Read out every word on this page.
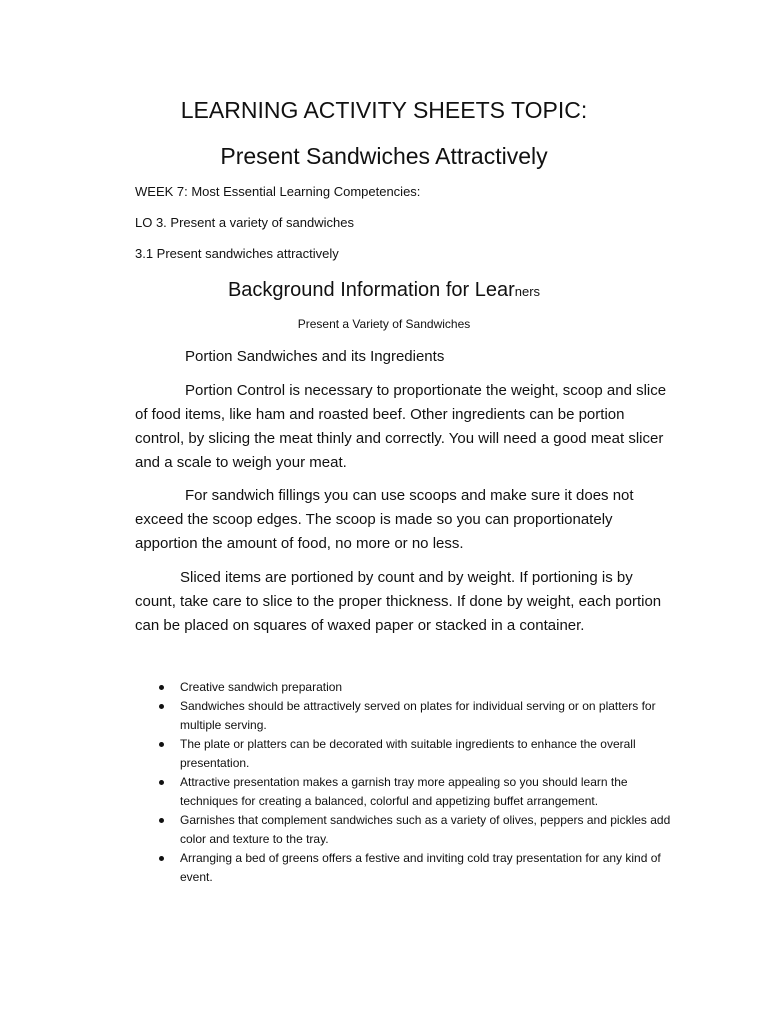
LEARNING ACTIVITY SHEETS TOPIC:
Present Sandwiches Attractively
WEEK 7: Most Essential Learning Competencies:
LO 3. Present a variety of sandwiches
3.1 Present sandwiches attractively
Background Information for Learners
Present a Variety of Sandwiches
Portion Sandwiches and its Ingredients

Portion Control is necessary to proportionate the weight, scoop and slice of food items, like ham and roasted beef. Other ingredients can be portion control, by slicing the meat thinly and correctly. You will need a good meat slicer and a scale to weigh your meat.

For sandwich fillings you can use scoops and make sure it does not exceed the scoop edges. The scoop is made so you can proportionately apportion the amount of food, no more or no less.

Sliced items are portioned by count and by weight. If portioning is by count, take care to slice to the proper thickness. If done by weight, each portion can be placed on squares of waxed paper or stacked in a container.

Creative sandwich preparation
Sandwiches should be attractively served on plates for individual serving or on platters for multiple serving.
The plate or platters can be decorated with suitable ingredients to enhance the overall presentation.
Attractive presentation makes a garnish tray more appealing so you should learn the techniques for creating a balanced, colorful and appetizing buffet arrangement.
Garnishes that complement sandwiches such as a variety of olives, peppers and pickles add color and texture to the tray.
Arranging a bed of greens offers a festive and inviting cold tray presentation for any kind of event.
